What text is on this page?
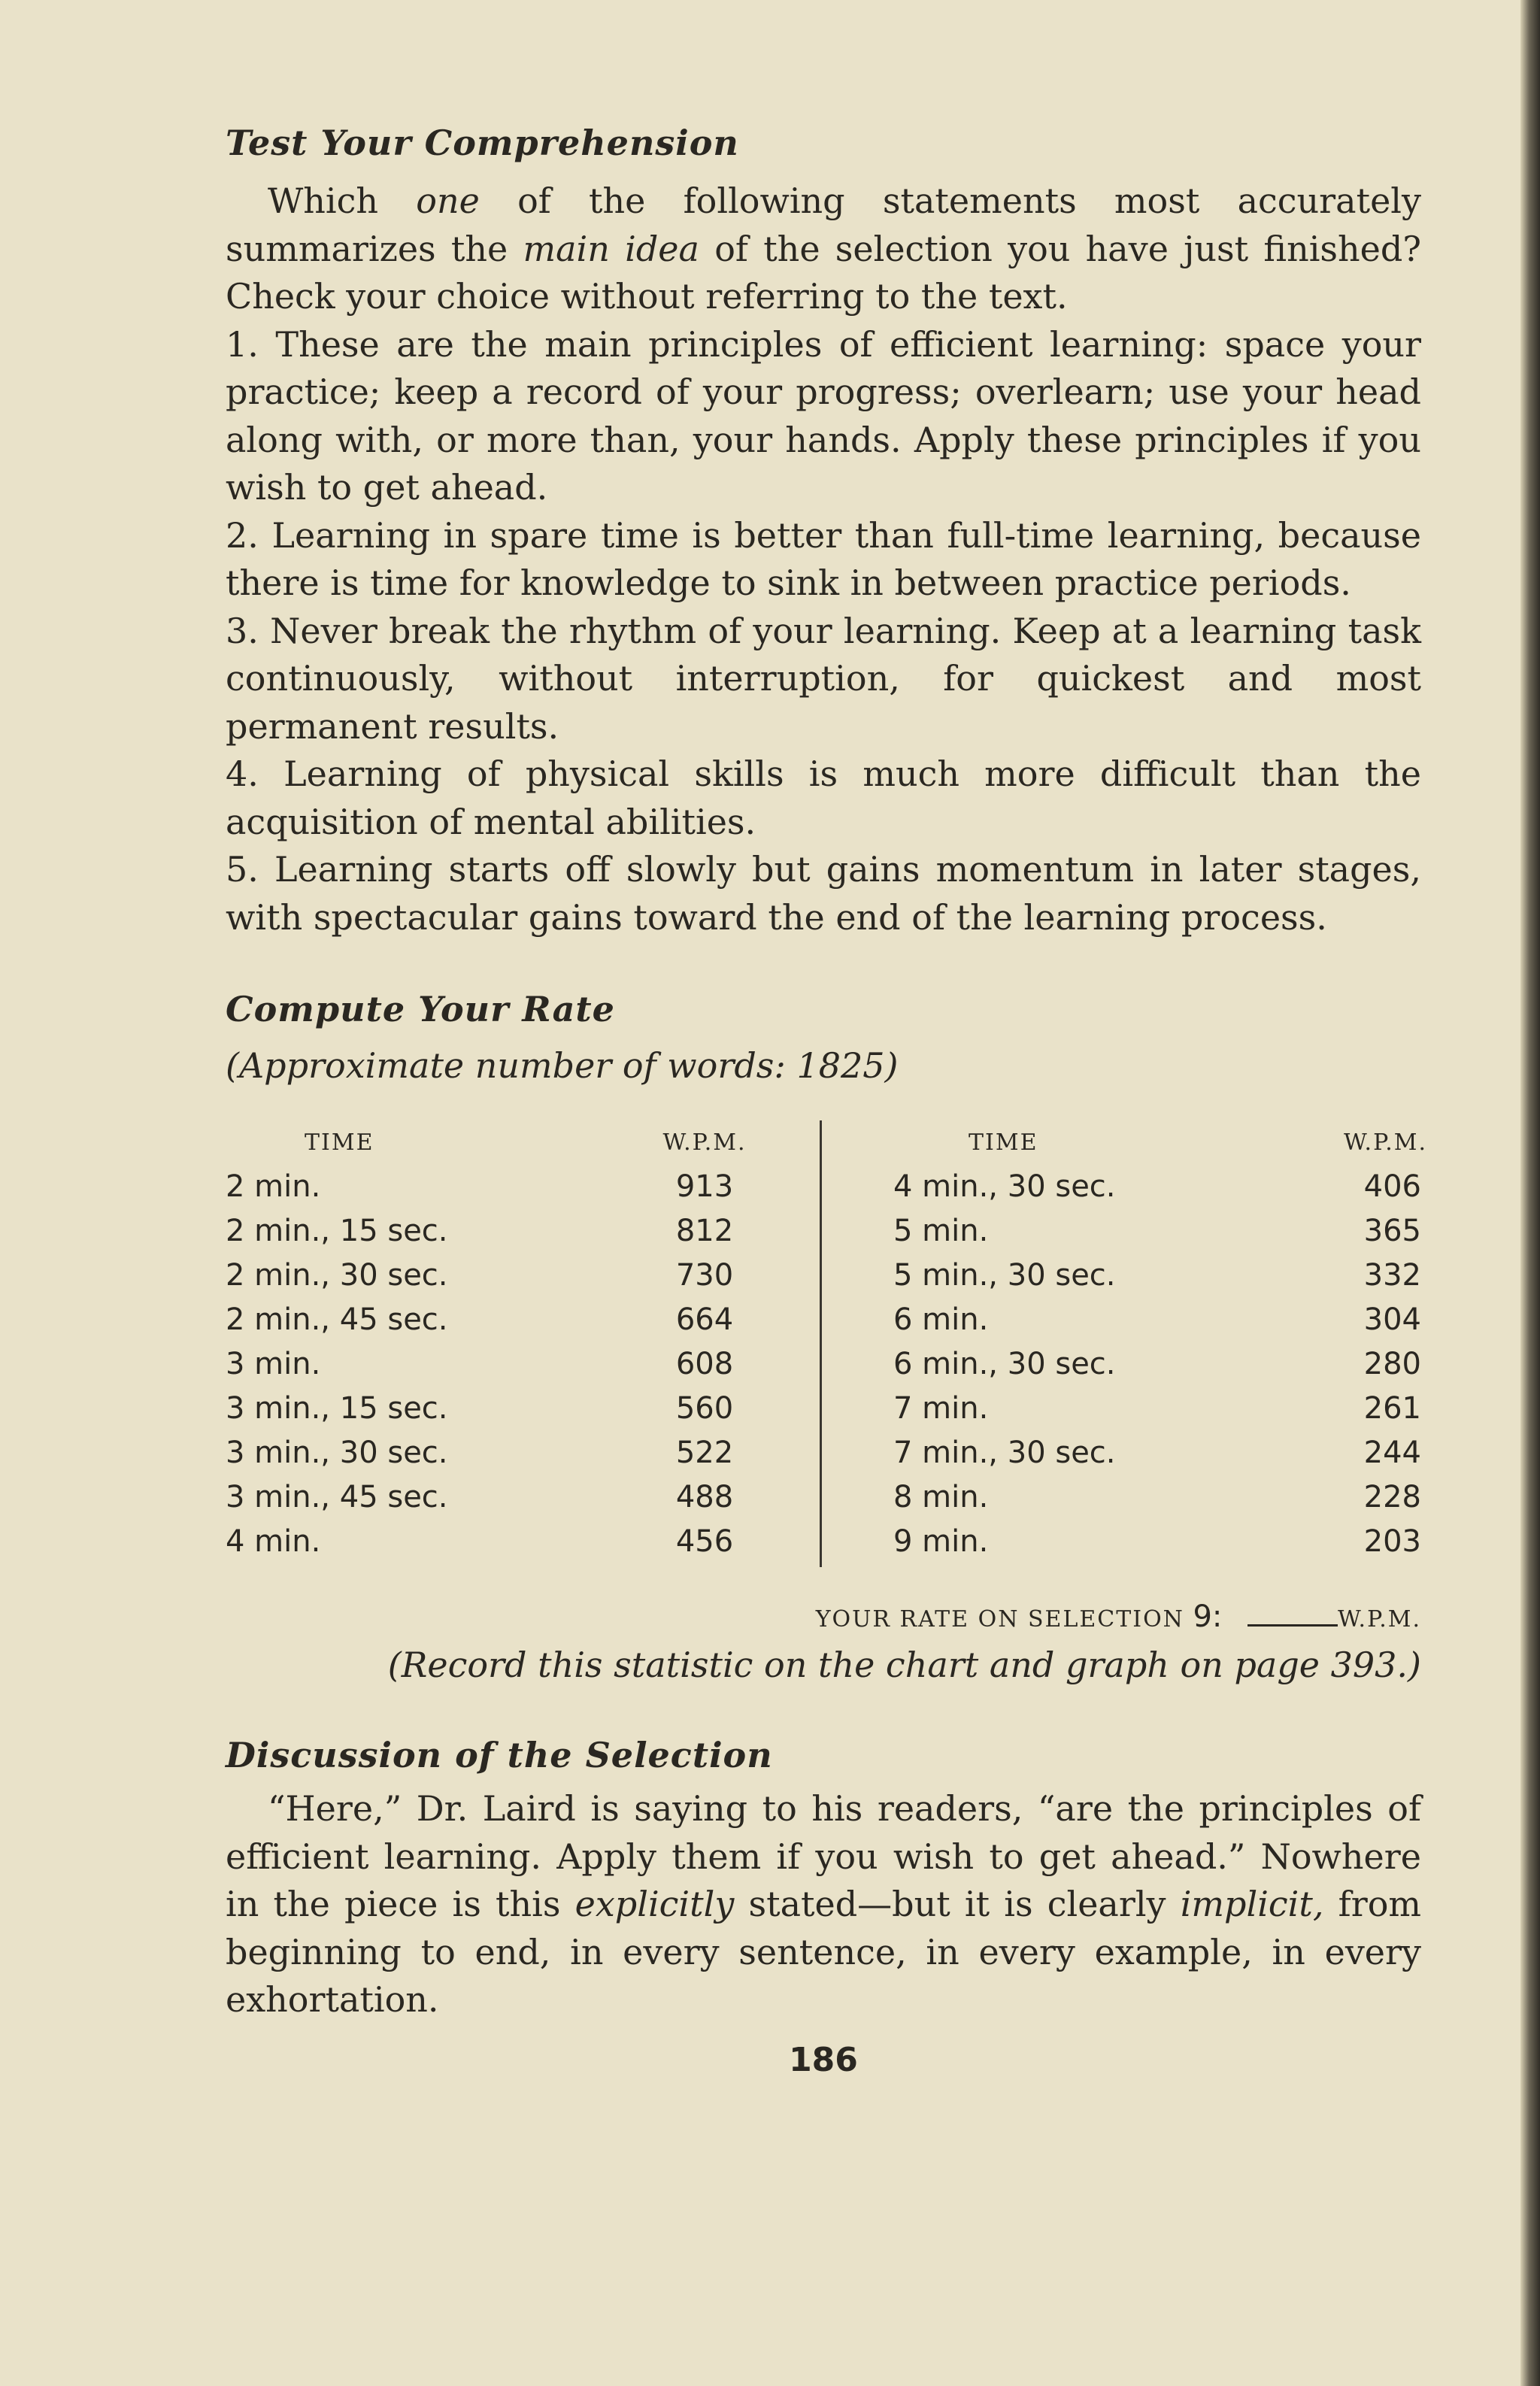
Test Your Comprehension

Which one of the following statements most accurately summarizes the main idea of the selection you have just finished? Check your choice without referring to the text.

1. These are the main principles of efficient learning: space your practice; keep a record of your progress; overlearn; use your head along with, or more than, your hands. Apply these principles if you wish to get ahead.
2. Learning in spare time is better than full-time learning, because there is time for knowledge to sink in between practice periods.
3. Never break the rhythm of your learning. Keep at a learning task continuously, without interruption, for quickest and most permanent results.
4. Learning of physical skills is much more difficult than the acquisition of mental abilities.
5. Learning starts off slowly but gains momentum in later stages, with spectacular gains toward the end of the learning process.
Compute Your Rate

(Approximate number of words: 1825)

TIME	W.P.M.
2 min.	913
2 min., 15 sec.	812
2 min., 30 sec.	730
2 min., 45 sec.	664
3 min.	608
3 min., 15 sec.	560
3 min., 30 sec.	522
3 min., 45 sec.	488
4 min.	456
TIME	W.P.M.
4 min., 30 sec.	406
5 min.	365
5 min., 30 sec.	332
6 min.	304
6 min., 30 sec.	280
7 min.	261
7 min., 30 sec.	244
8 min.	228
9 min.	203
YOUR RATE ON SELECTION 9:	W.P.M.

(Record this statistic on the chart and graph on page 393.)

Discussion of the Selection

“Here,” Dr. Laird is saying to his readers, “are the principles of efficient learning. Apply them if you wish to get ahead.” Nowhere in the piece is this explicitly stated—but it is clearly implicit, from beginning to end, in every sentence, in every example, in every exhortation.

186
